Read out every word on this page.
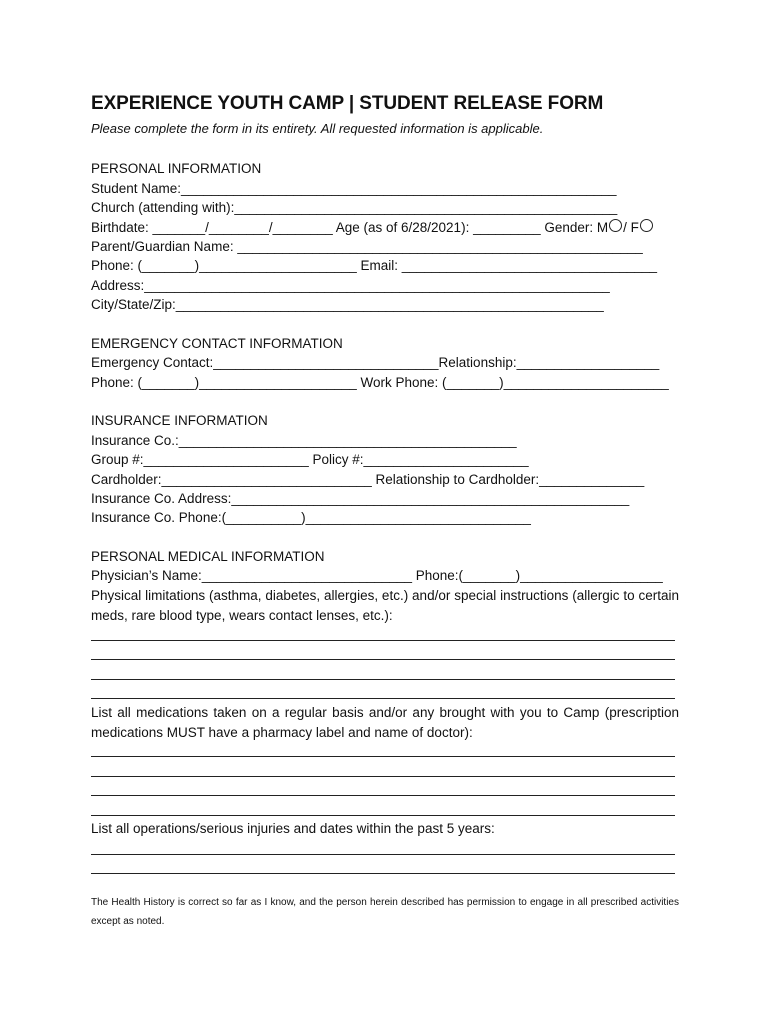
EXPERIENCE YOUTH CAMP | STUDENT RELEASE FORM
Please complete the form in its entirety. All requested information is applicable.
PERSONAL INFORMATION
Student Name:__________________________________________________________
Church (attending with):___________________________________________________
Birthdate: _______/________/________ Age (as of 6/28/2021): _________ Gender: M / F
Parent/Guardian Name: ______________________________________________________
Phone: (_______)_____________________ Email: __________________________________
Address:______________________________________________________________
City/State/Zip:_________________________________________________________
EMERGENCY CONTACT INFORMATION
Emergency Contact:______________________________Relationship:___________________
Phone: (_______)_____________________ Work Phone: (_______)______________________
INSURANCE INFORMATION
Insurance Co.:_____________________________________________
Group #:______________________ Policy #:______________________
Cardholder:____________________________ Relationship to Cardholder:______________
Insurance Co. Address:_____________________________________________________
Insurance Co. Phone:(__________)______________________________
PERSONAL MEDICAL INFORMATION
Physician’s Name:____________________________ Phone:(_______)___________________

Physical limitations (asthma, diabetes, allergies, etc.) and/or special instructions (allergic to certain meds, rare blood type, wears contact lenses, etc.):

List all medications taken on a regular basis and/or any brought with you to Camp (prescription medications MUST have a pharmacy label and name of doctor):

List all operations/serious injuries and dates within the past 5 years:

The Health History is correct so far as I know, and the person herein described has permission to engage in all prescribed activities except as noted.
